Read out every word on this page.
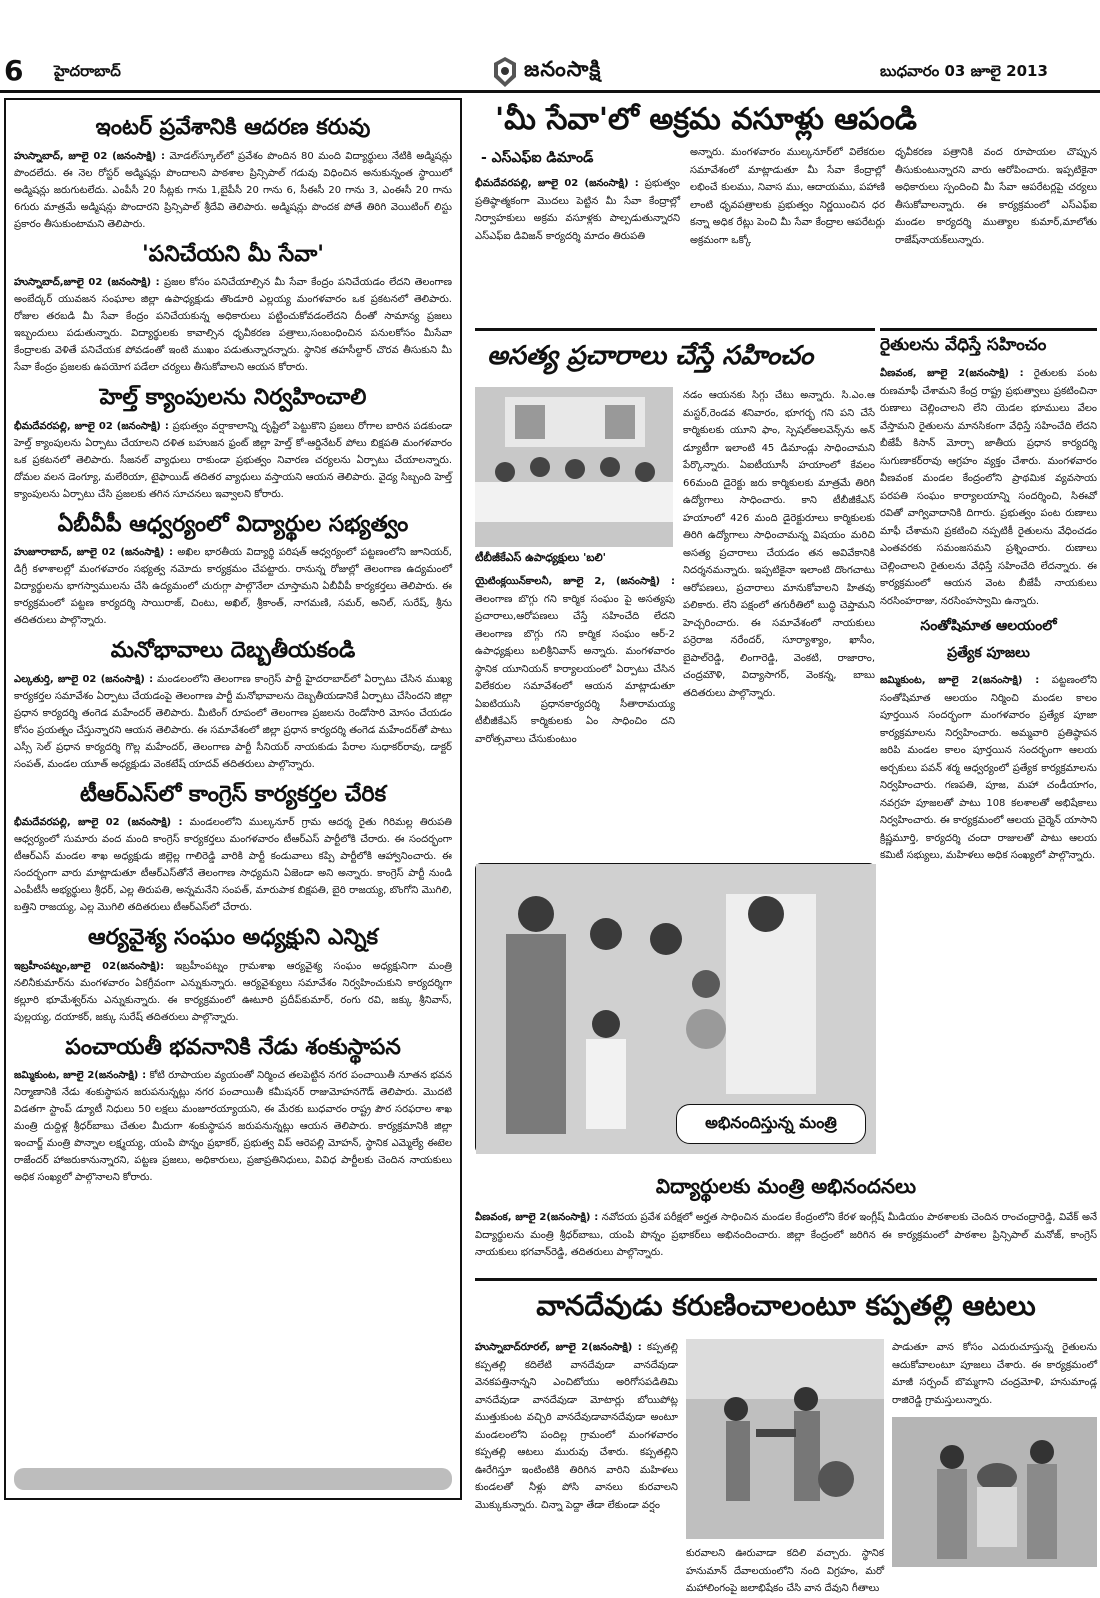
6 హైదరాబాద్	జనంసాక్షి	బుధవారం 03 జూలై 2013
ఇంటర్ ప్రవేశానికి ఆదరణ కరువు

హుస్నాబాద్, జూలై 02 (జనంసాక్షి) : మోడల్‌స్కూల్‌లో ప్రవేశం పొందిన 80 మంది విద్యార్థులు నేటికి అడ్మిషన్లు పొందలేదు. ఈ నెల రోస్టర్ అడ్మిషన్లు పొందాలని పాఠశాల ప్రిన్సిపాల్ గడువు విధించిన అనుకున్నంత స్థాయిలో అడ్మిషన్లు జరుగుటలేదు. ఎంపీసీ 20 సీట్లకు గాను 1,బైపీసీ 20 గాను 6, సీఈసీ 20 గాను 3, ఎంఈసీ 20 గాను 6గురు మాత్రమే అడ్మిషన్లు పొందారని ప్రిన్సిపాల్ శ్రీదేవి తెలిపారు. అడ్మిషన్లు పొందక పోతే తిరిగి వెయిటింగ్ లిస్టు ప్రకారం తీసుకుంటామని తెలిపారు.

'పనిచేయని మీ సేవా'

హుస్నాబాద్,జూలై 02 (జనంసాక్షి) : ప్రజల కోసం పనిచేయాల్సిన మీ సేవా కేంద్రం పనిచేయడం లేదని తెలంగాణ అంబేద్కర్ యువజన సంఘాల జిల్లా ఉపాధ్యక్షుడు తొండూరి ఎల్లయ్య మంగళవారం ఒక ప్రకటనలో తెలిపారు. రోజుల తరబడి మీ సేవా కేంద్రం పనిచేయకున్న అధికారులు పట్టించుకోవడంలేదని దీంతో సామాన్య ప్రజలు ఇబ్బందులు పడుతున్నారు. విద్యార్థులకు కావాల్సిన ధృవీకరణ పత్రాలు,సంబంధించిన పనులకోసం మీసేవా కేంద్రాలకు వెళితే పనిచేయక పోవడంతో ఇంటి ముఖం పడుతున్నారన్నారు. స్థానిక తహసీల్దార్ చొరవ తీసుకుని మీ సేవా కేంద్రం ప్రజలకు ఉపయోగ పడేలా చర్యలు తీసుకోవాలని ఆయన కోరారు.

హెల్త్ క్యాంపులను నిర్వహించాలి

భీమదేవరపల్లి, జూలై 02 (జనంసాక్షి) : ప్రభుత్వం వర్షాకాలాన్ని దృష్టిలో పెట్టుకొని ప్రజలు రోగాల బారిన పడకుండా హెల్త్ క్యాంపులను ఏర్పాటు చేయాలని దళిత బహుజన ఫ్రంట్ జిల్లా హెల్త్ కో-ఆర్డినేటర్ పోలు బిక్షపతి మంగళవారం ఒక ప్రకటనలో తెలిపారు. సీజనల్ వ్యాధులు రాకుండా ప్రభుత్వం నివారణ చర్యలను ఏర్పాటు చేయాలన్నారు. దోమల వలన డెంగ్యూ, మలేరియా, టైఫాయిడ్ తదితర వ్యాధులు వస్తాయని ఆయన తెలిపారు. వైద్య సిబ్బంది హెల్త్ క్యాంపులను ఏర్పాటు చేసి ప్రజలకు తగిన సూచనలు ఇవ్వాలని కోరారు.

ఏబీవీపీ ఆధ్వర్యంలో విద్యార్థుల సభ్యత్వం

హుజూరాబాద్, జూలై 02 (జనంసాక్షి) : అఖిల భారతీయ విద్యార్థి పరిషత్ ఆధ్వర్యంలో పట్టణంలోని జూనియర్, డిగ్రీ కళాశాలల్లో మంగళవారం సభ్యత్వ నమోదు కార్యక్రమం చేపట్టారు. రానున్న రోజుల్లో తెలంగాణ ఉద్యమంలో విద్యార్థులను భాగస్వాములను చేసి ఉద్యమంలో చురుగ్గా పాల్గొనేలా చూస్తామని ఏబీవీపీ కార్యకర్తలు తెలిపారు. ఈ కార్యక్రమంలో పట్టణ కార్యదర్శి సాయిరాజ్, చింటు, అఖిల్, శ్రీకాంత్, నాగమణి, సమర్, అనిల్, సురేష్, శ్రీను తదితరులు పాల్గొన్నారు.

మనోభావాలు దెబ్బతీయకండి

ఎల్కతుర్తి, జూలై 02 (జనంసాక్షి) : మండలంలోని తెలంగాణ కాంగ్రెస్ పార్టీ హైదరాబాద్‌లో ఏర్పాటు చేసిన ముఖ్య కార్యకర్తల సమావేశం ఏర్పాటు చేయడంపై తెలంగాణ పార్టీ మనోభావాలను దెబ్బతీయడానికే ఏర్పాటు చేసిందని జిల్లా ప్రధాన కార్యదర్శి తంగెడ మహేందర్ తెలిపారు. మీటింగ్ రూపంలో తెలంగాణ ప్రజలను రెండోసారి మోసం చేయడం కోసం ప్రయత్నం చేస్తున్నారని ఆయన తెలిపారు. ఈ సమావేశంలో జిల్లా ప్రధాన కార్యదర్శి తంగెడ మహేందర్‌తో పాటు ఎస్సీ సెల్ ప్రధాన కార్యదర్శి గొల్ల మహేందర్, తెలంగాణ పార్టీ సీనియర్ నాయకుడు పేరాల సుధాకర్‌రావు, డాక్టర్ సంపత్, మండల యూత్ అధ్యక్షుడు వెంకటేష్ యాదవ్ తదితరులు పాల్గొన్నారు.

టీఆర్ఎస్‌లో కాంగ్రెస్ కార్యకర్తల చేరిక

భీమదేవరపల్లి, జూలై 02 (జనంసాక్షి) : మండలంలోని ముల్కనూర్ గ్రామ ఆదర్శ రైతు గిరిమల్ల తిరుపతి ఆధ్వర్యంలో సుమారు వంద మంది కాంగ్రెస్ కార్యకర్తలు మంగళవారం టీఆర్ఎస్ పార్టీలోకి చేరారు. ఈ సందర్భంగా టీఆర్ఎస్ మండల శాఖ అధ్యక్షుడు జిల్లెల్ల గాలిరెడ్డి వారికి పార్టీ కండువాలు కప్పి పార్టీలోకి ఆహ్వానించారు. ఈ సందర్భంగా వారు మాట్లాడుతూ టీఆర్ఎస్‌తోనే తెలంగాణ సాధ్యమని ఏజెండా అని అన్నారు. కాంగ్రెస్ పార్టీ నుండి ఎంపీటీసీ అభ్యర్థులు శ్రీధర్, ఎల్ల తిరుపతి, అన్నమనేని సంపత్, మారుపాక బిక్షపతి, బైరి రాజయ్య, బొంగోని మొగిలి, బత్తిని రాజయ్య, ఎల్ల మొగిలి తదితరులు టీఆర్ఎస్‌లో చేరారు.

ఆర్యవైశ్య సంఘం అధ్యక్షుని ఎన్నిక

ఇబ్రహీంపట్నం,జూలై 02(జనంసాక్షి): ఇబ్రహీంపట్నం గ్రామశాఖ ఆర్యవైశ్య సంఘం అధ్యక్షునిగా మంత్రి నలినీకుమార్‌ను మంగళవారం ఏకగ్రీవంగా ఎన్నుకున్నారు. ఆర్యవైశ్యులు సమావేశం నిర్వహించుకుని కార్యదర్శిగా కల్లూరి భూమేశ్వర్‌ను ఎన్నుకున్నారు. ఈ కార్యక్రమంలో ఊటూరి ప్రదీప్‌కుమార్, రంగు రవి, జక్కు శ్రీనివాస్, పుల్లయ్య, దయాకర్, జక్కు సురేష్ తదితరులు పాల్గొన్నారు.

పంచాయతీ భవనానికి నేడు శంకుస్థాపన

జమ్మికుంట, జూలై 2(జనంసాక్షి) : కోటి రూపాయల వ్యయంతో నిర్మించ తలపెట్టిన నగర పంచాయితీ నూతన భవన నిర్మాణానికి నేడు శంకుస్థాపన జరుపనున్నట్లు నగర పంచాయితీ కమీషనర్ రాజుమోహనగౌడ్ తెలిపారు. మొదటి విడతగా స్టాంప్ డ్యూటీ నిధులు 50 లక్షలు మంజూరయ్యాయని, ఈ మేరకు బుధవారం రాష్ట్ర పౌర సరఫరాల శాఖ మంత్రి దుద్దిళ్ల శ్రీధర్‌బాబు చేతుల మీదుగా శంకుస్థాపన జరుపనున్నట్లు ఆయన తెలిపారు. కార్యక్రమానికి జిల్లా ఇంచార్జ్ మంత్రి పొన్నాల లక్ష్మయ్య, యంపి పొన్నం ప్రభాకర్, ప్రభుత్వ విప్ ఆరెపల్లి మోహన్, స్థానిక ఎమ్మెల్యే ఈటెల రాజేందర్ హాజరుకానున్నారని, పట్టణ ప్రజలు, అధికారులు, ప్రజాప్రతినిధులు, వివిధ పార్టీలకు చెందిన నాయకులు అధిక సంఖ్యలో పాల్గొనాలని కోరారు.

'మీ సేవా'లో అక్రమ వసూళ్లు ఆపండి
- ఎస్ఎఫ్ఐ డిమాండ్

భీమదేవరపల్లి, జూలై 02 (జనంసాక్షి) : ప్రభుత్వం ప్రతిష్ఠాత్మకంగా మొదలు పెట్టిన మీ సేవా కేంద్రాల్లో నిర్వాహకులు అక్రమ వసూళ్లకు పాల్పడుతున్నారని ఎస్ఎఫ్ఐ డివిజన్ కార్యదర్శి మాదం తిరుపతి

అన్నారు. మంగళవారం ముల్కనూర్‌లో విలేకరుల సమావేశంలో మాట్లాడుతూ మీ సేవా కేంద్రాల్లో లభించే కులము, నివాస ము, ఆదాయము, పహాణి లాంటి ధృవపత్రాలకు ప్రభుత్వం నిర్ణయించిన ధర కన్నా అధిక రేట్లు పెంచి మీ సేవా కేంద్రాల ఆపరేటర్లు అక్రమంగా ఒక్కో

ధృవీకరణ పత్రానికి వంద రూపాయల చొప్పున తీసుకుంటున్నారని వారు ఆరోపించారు. ఇప్పటికైనా అధికారులు స్పందించి మీ సేవా ఆపరేటర్లపై చర్యలు తీసుకోవాలన్నారు. ఈ కార్యక్రమంలో ఎస్ఎఫ్ఐ మండల కార్యదర్శి ముత్యాల కుమార్,మాలోతు రాజేష్‌నాయక్‌లున్నారు.

అసత్య ప్రచారాలు చేస్తే సహించం
టీబీజీకేఎస్ ఉపాధ్యక్షులు 'బలి'

యైటింక్లయిన్‌కాలనీ, జూలై 2, (జనంసాక్షి) : తెలంగాణ బొగ్గు గని కార్మిక సంఘం పై అసత్యపు ప్రచారాలు,ఆరోపణలు చేస్తే సహించేది లేదని తెలంగాణ బొగ్గు గని కార్మిక సంఘం ఆర్-2 ఉపాధ్యక్షులు బలిశ్రీనివాస్ అన్నారు. మంగళవారం స్థానిక యూనియన్ కార్యాలయంలో ఏర్పాటు చేసిన విలేకరుల సమావేశంలో ఆయన మాట్లాడుతూ ఏఐటియుసి ప్రధానకార్యదర్శి సీతారామయ్య టీబీజీకేఎస్ కార్మికులకు ఏం సాధించిం దని వారోత్సవాలు చేసుకుంటుం

నడం ఆయనకు సిగ్గు చేటు అన్నారు. సి.ఎం.ఆ మస్టర్,రెండవ శనివారం, భూగర్భ గని పని చేసే కార్మికులకు యూని ఫాం, స్పెషల్‌అలవెన్స్‌ను అన్ డ్యూటీగా ఇలాంటి 45 డిమాండ్లు సాధించామని పేర్కొన్నారు. ఏఐటీయూసీ హయాంలో కేవలం 66మంది డైరెక్టు జరు కార్మికులకు మాత్రమే తిరిగి ఉద్యోగాలు సాధించారు. కాని టీబీజీకేఎస్ హయాంలో 426 మంది డైరెక్టురూలు కార్మికులకు తిరిగి ఉద్యోగాలు సాధించామన్న విషయం మరిచి అసత్య ప్రచారాలు చేయడం తన అవివేకానికి నిదర్శనమన్నారు. ఇప్పటికైనా ఇలాంటి దొంగచాటు ఆరోపణలు, ప్రచారాలు మానుకోవాలని హితవు పలికారు. లేని పక్షంలో తగురీతిలో బుద్ధి చెప్తామని హెచ్చరించారు. ఈ సమావేశంలో నాయకులు పర్రెరాజ నరేందర్, సూర్యాశ్యాం, ఖాసీం, బైపాల్‌రెడ్డి, లింగారెడ్డి, వెంకటి, రాజారాం, చంద్రమౌళి, విద్యాసాగర్, వెంకన్న, బాబు తదితరులు పాల్గొన్నారు.

రైతులను వేధిస్తే సహించం

వీణవంక, జూలై 2(జనంసాక్షి) : రైతులకు పంట రుణమాఫీ చేశామని కేంద్ర రాష్ట్ర ప్రభుత్వాలు ప్రకటించినా రుణాలు చెల్లించాలని లేని యెడల భూములు వేలం వేస్తామని రైతులను మానసికంగా వేధిస్తే సహించేది లేదని బీజేపీ కిసాన్ మోర్చా జాతీయ ప్రధాన కార్యదర్శి సుగుణాకర్‌రావు ఆగ్రహం వ్యక్తం చేశారు. మంగళవారం వీణవంక మండల కేంద్రంలోని ప్రాథమిక వ్యవసాయ పరపతి సంఘం కార్యాలయాన్ని సందర్శించి, సిఈవో రవితో వాగ్వివాదానికి దిగారు. ప్రభుత్వం పంట రుణాలు మాఫీ చేశామని ప్రకటించి నప్పటికీ రైతులను వేధించడం ఎంతవరకు సమంజసమని ప్రశ్నించారు. రుణాలు చెల్లించాలని రైతులను వేధిస్తే సహించేది లేదన్నారు. ఈ కార్యక్రమంలో ఆయన వెంట బీజేపీ నాయకులు నరసింహరాజు, నరసింహస్వామి ఉన్నారు.

సంతోషిమాత ఆలయంలో
ప్రత్యేక పూజలు

జమ్మికుంట, జూలై 2(జనంసాక్షి) : పట్టణంలోని సంతోషిమాత ఆలయం నిర్మించి మండల కాలం పూర్తయిన సందర్భంగా మంగళవారం ప్రత్యేక పూజా కార్యక్రమాలను నిర్వహించారు. అమ్మవారి ప్రతిష్ఠాపన జరిపి మండల కాలం పూర్తయిన సందర్భంగా ఆలయ అర్చకులు పవన్ శర్మ ఆధ్వర్యంలో ప్రత్యేక కార్యక్రమాలను నిర్వహించారు. గణపతి, పూజ, మహా చండీయాగం, నవగ్రహ పూజలతో పాటు 108 కలశాలతో అభిషేకాలు నిర్వహించారు. ఈ కార్యక్రమంలో ఆలయ చైర్మెన్ యాసాని క్రిష్ణమూర్తి, కార్యదర్శి చందా రాజులతో పాటు ఆలయ కమిటీ సభ్యులు, మహిళలు అధిక సంఖ్యలో పాల్గొన్నారు.

అభినందిస్తున్న మంత్రి
విద్యార్థులకు మంత్రి అభినందనలు

వీణవంక, జూలై 2(జనంసాక్షి) : నవోదయ ప్రవేశ పరీక్షలో అర్హత సాధించిన మండల కేంద్రంలోని కేరళ ఇంగ్లీష్ మీడియం పాఠశాలకు చెందిన రాంచంద్రారెడ్డి, వివేక్ అనే విద్యార్థులను మంత్రి శ్రీధర్‌బాబు, యంపి పొన్నం ప్రభాకర్‌లు అభినందించారు. జిల్లా కేంద్రంలో జరిగిన ఈ కార్యక్రమంలో పాఠశాల ప్రిన్సిపాల్ మనోజ్, కాంగ్రెస్ నాయకులు భగవాన్‌రెడ్డి, తదితరులు పాల్గొన్నారు.

వానదేవుడు కరుణించాలంటూ కప్పతల్లి ఆటలు

హుస్నాబాద్‌రూరల్, జూలై 2(జనంసాక్షి) : కప్పతల్లి కప్పతల్లి కదిలేటి వానదేవుడా వానదేవుడా వెనకపత్తినాన్నని ఎంచిటోయు అరిగోసపడితిమి వానదేవుడా వానదేవుడా మోటార్లు బోయిపోట్ల ముత్తుకుంట వచ్చిరి వానదేవుడావానదేవుడా అంటూ మండలంలోని పందిల్ల గ్రామంలో మంగళవారం కప్పతల్లి ఆటలు మురువు చేశారు. కప్పతల్లిని ఊరేగిస్తూ ఇంటింటికి తిరిగిన వారిని మహిళలు కుండలతో నీళ్లు పోసి వానలు కురవాలని మొక్కుకున్నారు. చిన్నా పెద్దా తేడా లేకుండా వర్షం

కురవాలని ఊరువాడా కదిలి వచ్చారు. స్థానిక హనుమాన్ దేవాలయంలోని నంది విగ్రహం, మరో మహాలింగంపై జలాభిషేకం చేసి వాన దేవుని గీతాలు

పాడుతూ వాన కోసం ఎదురుచూస్తున్న రైతులను ఆదుకోవాలంటూ పూజలు చేశారు. ఈ కార్యక్రమంలో మాజీ సర్పంచ్ బొమ్మగాని చంద్రమోళి, హనుమాండ్ల రాజిరెడ్డి గ్రామస్తులున్నారు.
